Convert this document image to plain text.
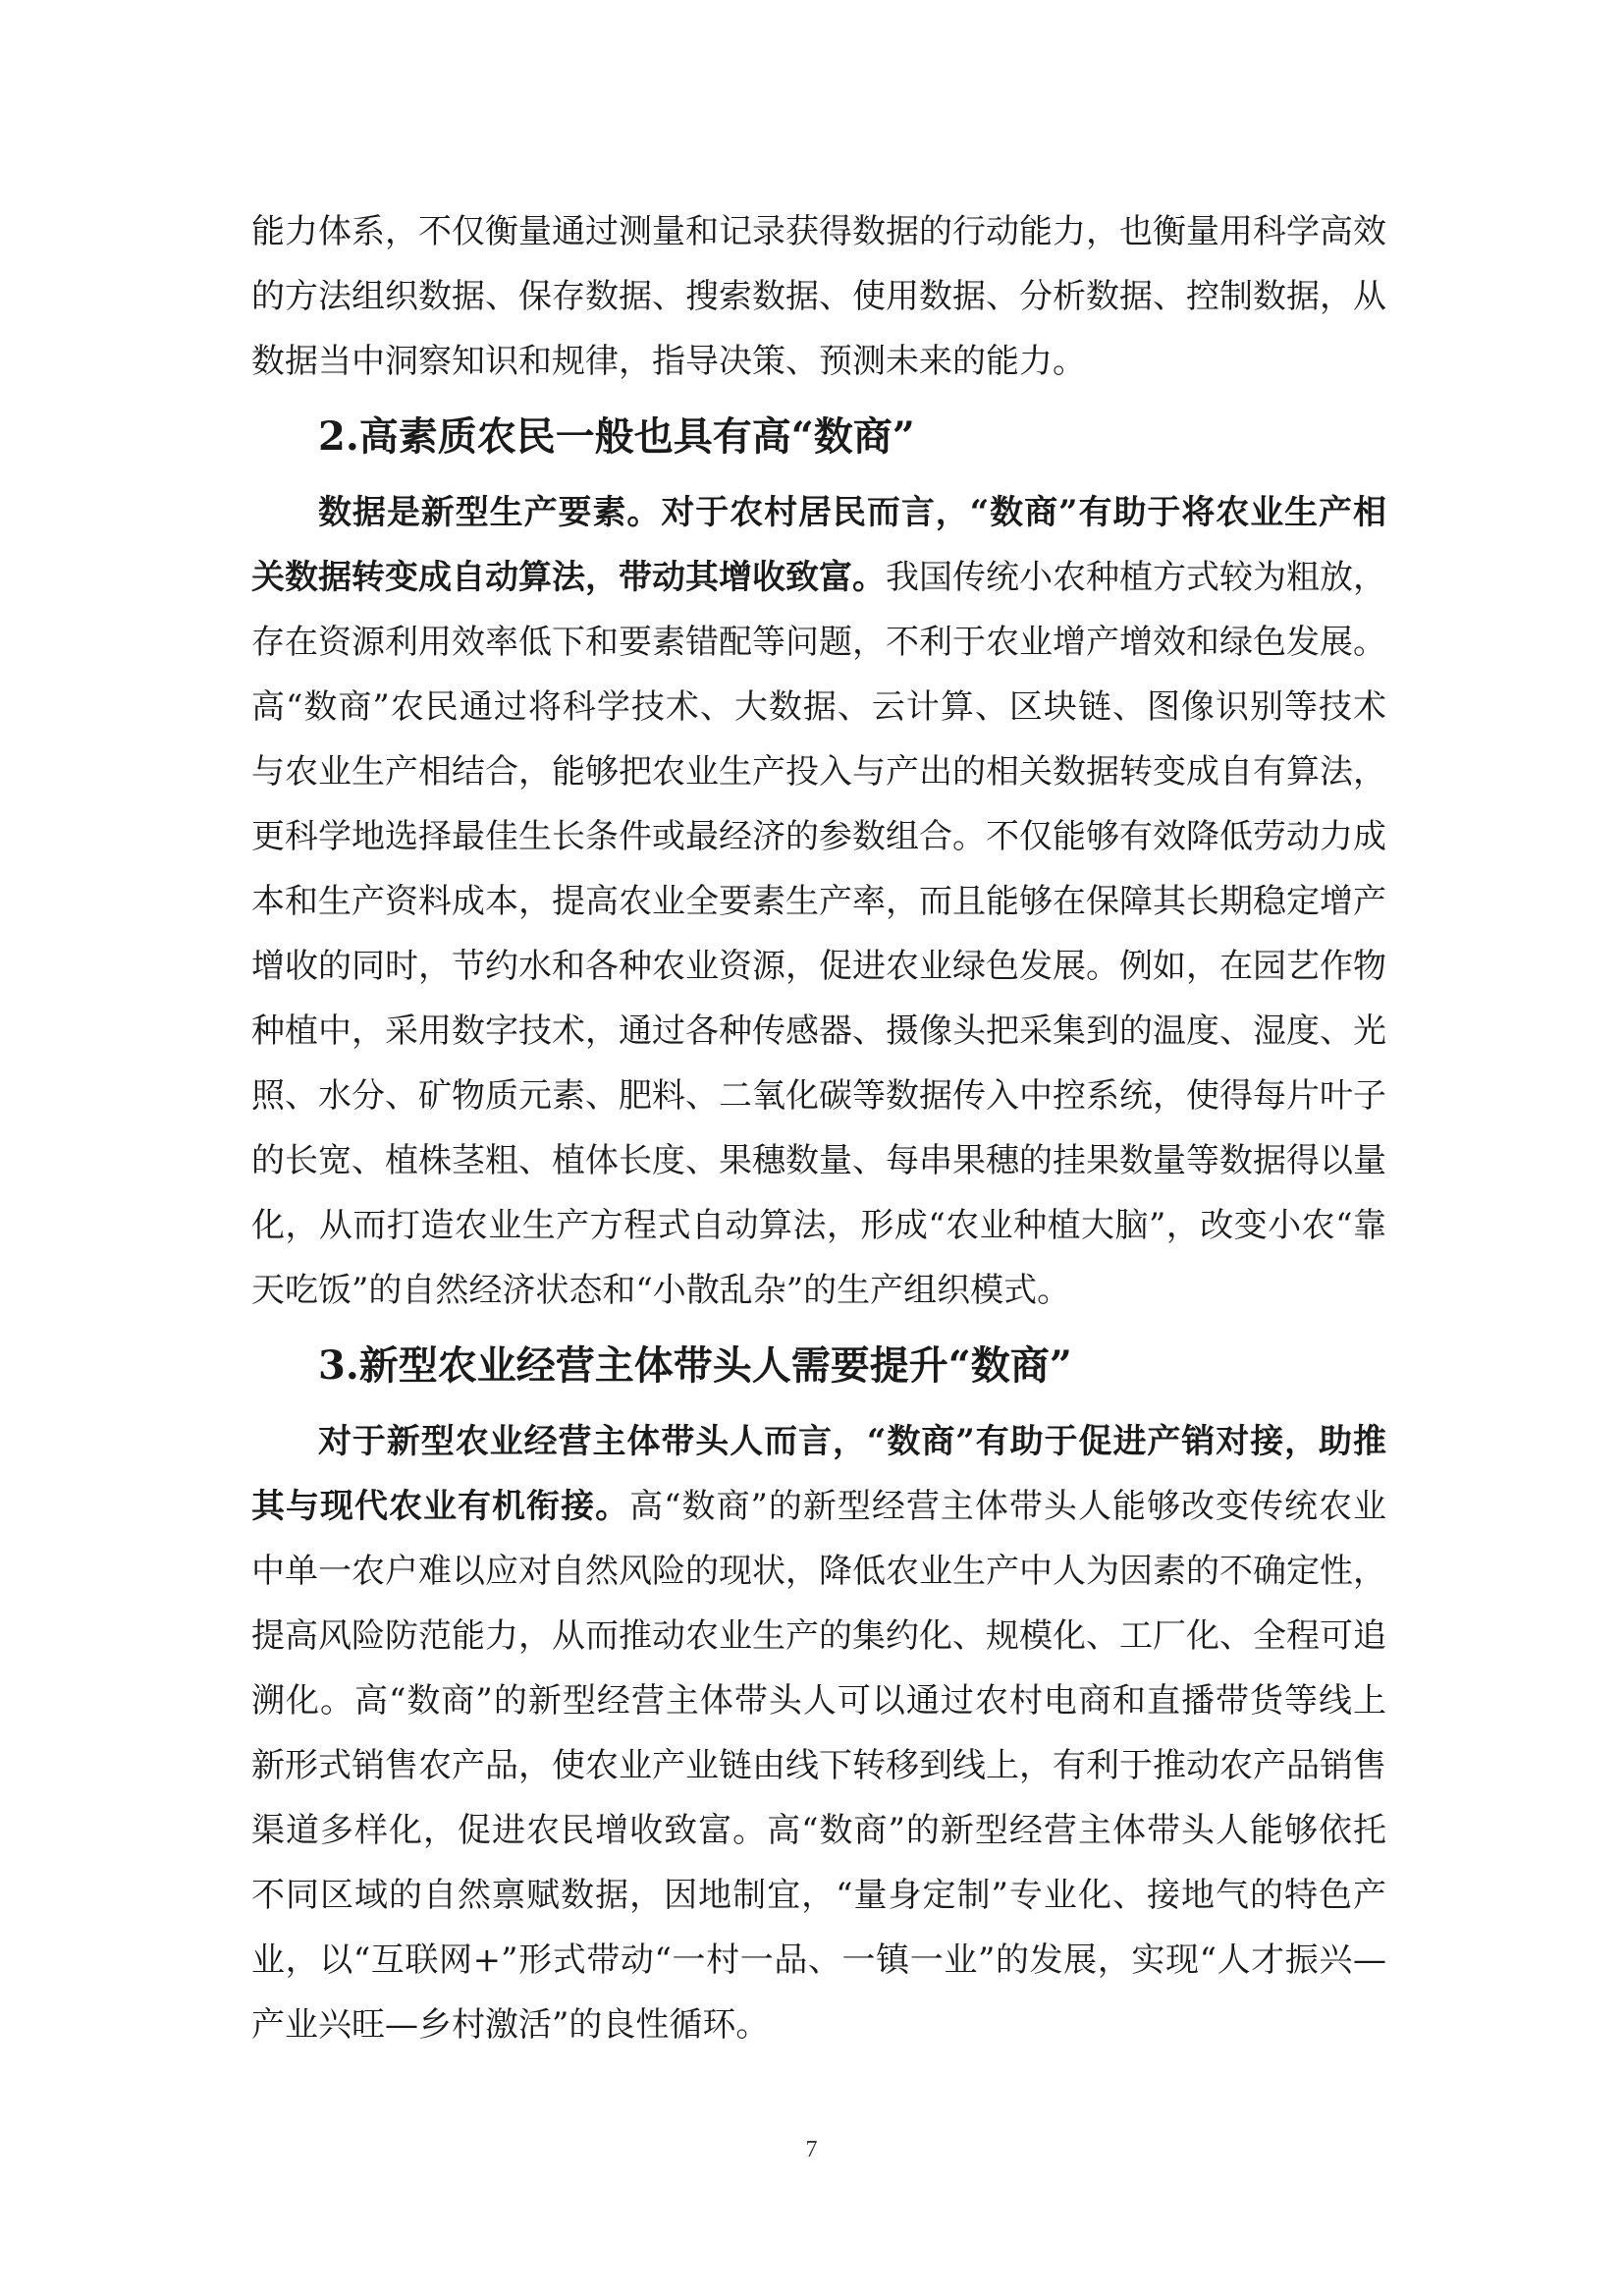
能力体系，不仅衡量通过测量和记录获得数据的行动能力，也衡量用科学高效的方法组织数据、保存数据、搜索数据、使用数据、分析数据、控制数据，从数据当中洞察知识和规律，指导决策、预测未来的能力。

2.高素质农民一般也具有高“数商”

数据是新型生产要素。对于农村居民而言，“数商”有助于将农业生产相关数据转变成自动算法，带动其增收致富。我国传统小农种植方式较为粗放，存在资源利用效率低下和要素错配等问题，不利于农业增产增效和绿色发展。高“数商”农民通过将科学技术、大数据、云计算、区块链、图像识别等技术与农业生产相结合，能够把农业生产投入与产出的相关数据转变成自有算法，更科学地选择最佳生长条件或最经济的参数组合。不仅能够有效降低劳动力成本和生产资料成本，提高农业全要素生产率，而且能够在保障其长期稳定增产增收的同时，节约水和各种农业资源，促进农业绿色发展。例如，在园艺作物种植中，采用数字技术，通过各种传感器、摄像头把采集到的温度、湿度、光照、水分、矿物质元素、肥料、二氧化碳等数据传入中控系统，使得每片叶子的长宽、植株茎粗、植体长度、果穗数量、每串果穗的挂果数量等数据得以量化，从而打造农业生产方程式自动算法，形成“农业种植大脑”，改变小农“靠天吃饭”的自然经济状态和“小散乱杂”的生产组织模式。

3.新型农业经营主体带头人需要提升“数商”

对于新型农业经营主体带头人而言，“数商”有助于促进产销对接，助推其与现代农业有机衔接。高“数商”的新型经营主体带头人能够改变传统农业中单一农户难以应对自然风险的现状，降低农业生产中人为因素的不确定性，提高风险防范能力，从而推动农业生产的集约化、规模化、工厂化、全程可追溯化。高“数商”的新型经营主体带头人可以通过农村电商和直播带货等线上新形式销售农产品，使农业产业链由线下转移到线上，有利于推动农产品销售渠道多样化，促进农民增收致富。高“数商”的新型经营主体带头人能够依托不同区域的自然禀赋数据，因地制宜，“量身定制”专业化、接地气的特色产业，以“互联网+”形式带动“一村一品、一镇一业”的发展，实现“人才振兴—产业兴旺—乡村激活”的良性循环。

7
